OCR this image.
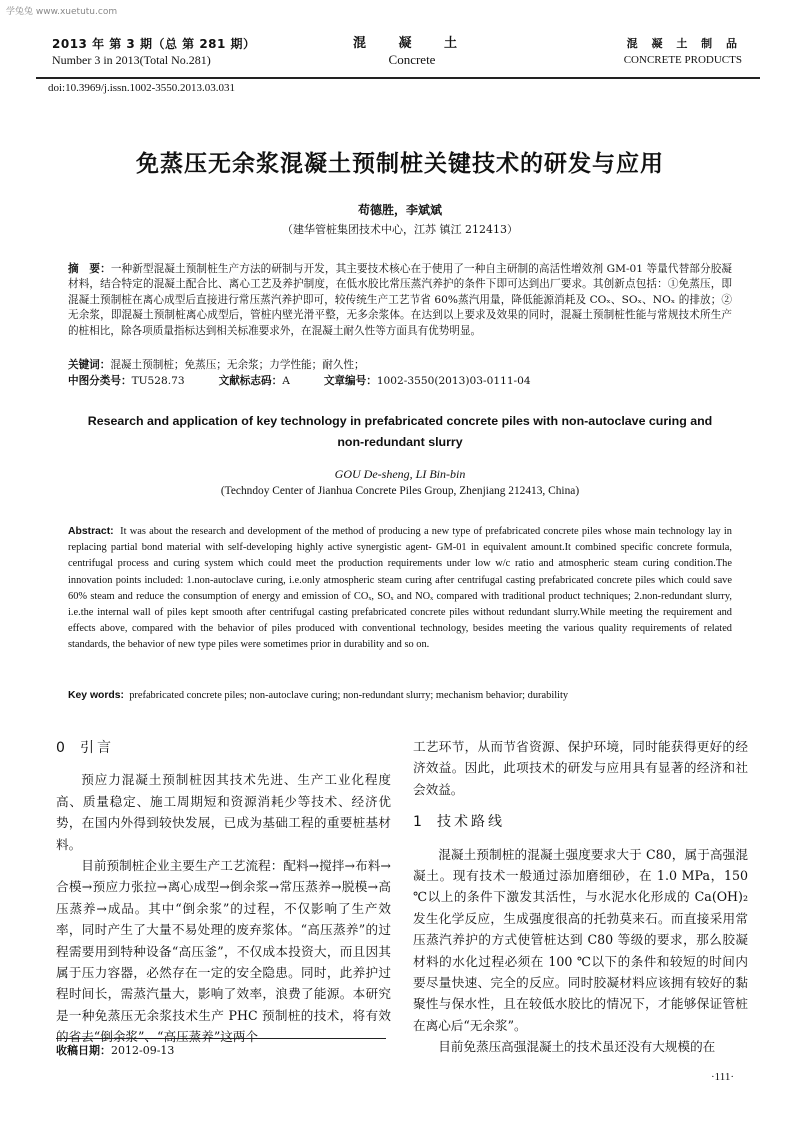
学兔兔 www.xuetutu.com
2013 年 第 3 期（总 第 281 期）
Number 3 in 2013(Total No.281)
混 凝 土
Concrete
混 凝 土 制 品
CONCRETE PRODUCTS
doi:10.3969/j.issn.1002-3550.2013.03.031
免蒸压无余浆混凝土预制桩关键技术的研发与应用
苟德胜，李斌斌
（建华管桩集团技术中心，江苏 镇江 212413）
摘　要：一种新型混凝土预制桩生产方法的研制与开发，其主要技术核心在于使用了一种自主研制的高活性增效剂 GM-01 等量代替部分胶凝材料，结合特定的混凝土配合比、离心工艺及养护制度，在低水胶比常压蒸汽养护的条件下即可达到出厂要求。其创新点包括：①免蒸压，即混凝土预制桩在离心成型后直接进行常压蒸汽养护即可，较传统生产工艺节省 60%蒸汽用量，降低能源消耗及 COₓ、SOₓ、NOₓ 的排放；②无余浆，即混凝土预制桩离心成型后，管桩内壁光滑平整，无多余浆体。在达到以上要求及效果的同时，混凝土预制桩性能与常规技术所生产的桩相比，除各项质量指标达到相关标准要求外，在混凝土耐久性等方面具有优势明显。
关键词：混凝土预制桩；免蒸压；无余浆；力学性能；耐久性；
中图分类号：TU528.73	文献标志码：A	文章编号：1002-3550(2013)03-0111-04
Research and application of key technology in prefabricated concrete piles with non-autoclave curing and non-redundant slurry
GOU De-sheng, LI Bin-bin
(Techndoy Center of Jianhua Concrete Piles Group, Zhenjiang 212413, China)
Abstract: It was about the research and development of the method of producing a new type of prefabricated concrete piles whose main technology lay in replacing partial bond material with self-developing highly active synergistic agent- GM-01 in equivalent amount.It combined specific concrete formula, centrifugal process and curing system which could meet the production requirements under low w/c ratio and atmospheric steam curing condition.The innovation points included: 1.non-autoclave curing, i.e.only atmospheric steam curing after centrifugal casting prefabricated concrete piles which could save 60% steam and reduce the consumption of energy and emission of COₓ, SOₓ and NOₓ compared with traditional product techniques; 2.non-redundant slurry, i.e.the internal wall of piles kept smooth after centrifugal casting prefabricated concrete piles without redundant slurry.While meeting the requirement and effects above, compared with the behavior of piles produced with conventional technology, besides meeting the various quality requirements of related standards, the behavior of new type piles were sometimes prior in durability and so on.
Key words: prefabricated concrete piles; non-autoclave curing; non-redundant slurry; mechanism behavior; durability
0 引言

预应力混凝土预制桩因其技术先进、生产工业化程度高、质量稳定、施工周期短和资源消耗少等技术、经济优势，在国内外得到较快发展，已成为基础工程的重要桩基材料。

目前预制桩企业主要生产工艺流程：配料→搅拌→布料→合模→预应力张拉→离心成型→倒余浆→常压蒸养→脱模→高压蒸养→成品。其中“倒余浆”的过程，不仅影响了生产效率，同时产生了大量不易处理的废弃浆体。“高压蒸养”的过程需要用到特种设备“高压釜”，不仅成本投资大，而且因其属于压力容器，必然存在一定的安全隐患。同时，此养护过程时间长，需蒸汽量大，影响了效率，浪费了能源。本研究是一种免蒸压无余浆技术生产 PHC 预制桩的技术，将有效的省去“倒余浆”、“高压蒸养”这两个

工艺环节，从而节省资源、保护环境，同时能获得更好的经济效益。因此，此项技术的研发与应用具有显著的经济和社会效益。

1 技术路线

混凝土预制桩的混凝土强度要求大于 C80，属于高强混凝土。现有技术一般通过添加磨细砂，在 1.0 MPa，150 ℃以上的条件下激发其活性，与水泥水化形成的 Ca(OH)₂ 发生化学反应，生成强度很高的托勃莫来石。而直接采用常压蒸汽养护的方式使管桩达到 C80 等级的要求，那么胶凝材料的水化过程必须在 100 ℃以下的条件和较短的时间内要尽量快速、完全的反应。同时胶凝材料应该拥有较好的黏聚性与保水性，且在较低水胶比的情况下，才能够保证管桩在离心后“无余浆”。

目前免蒸压高强混凝土的技术虽还没有大规模的在

收稿日期：2012-09-13
·111·
